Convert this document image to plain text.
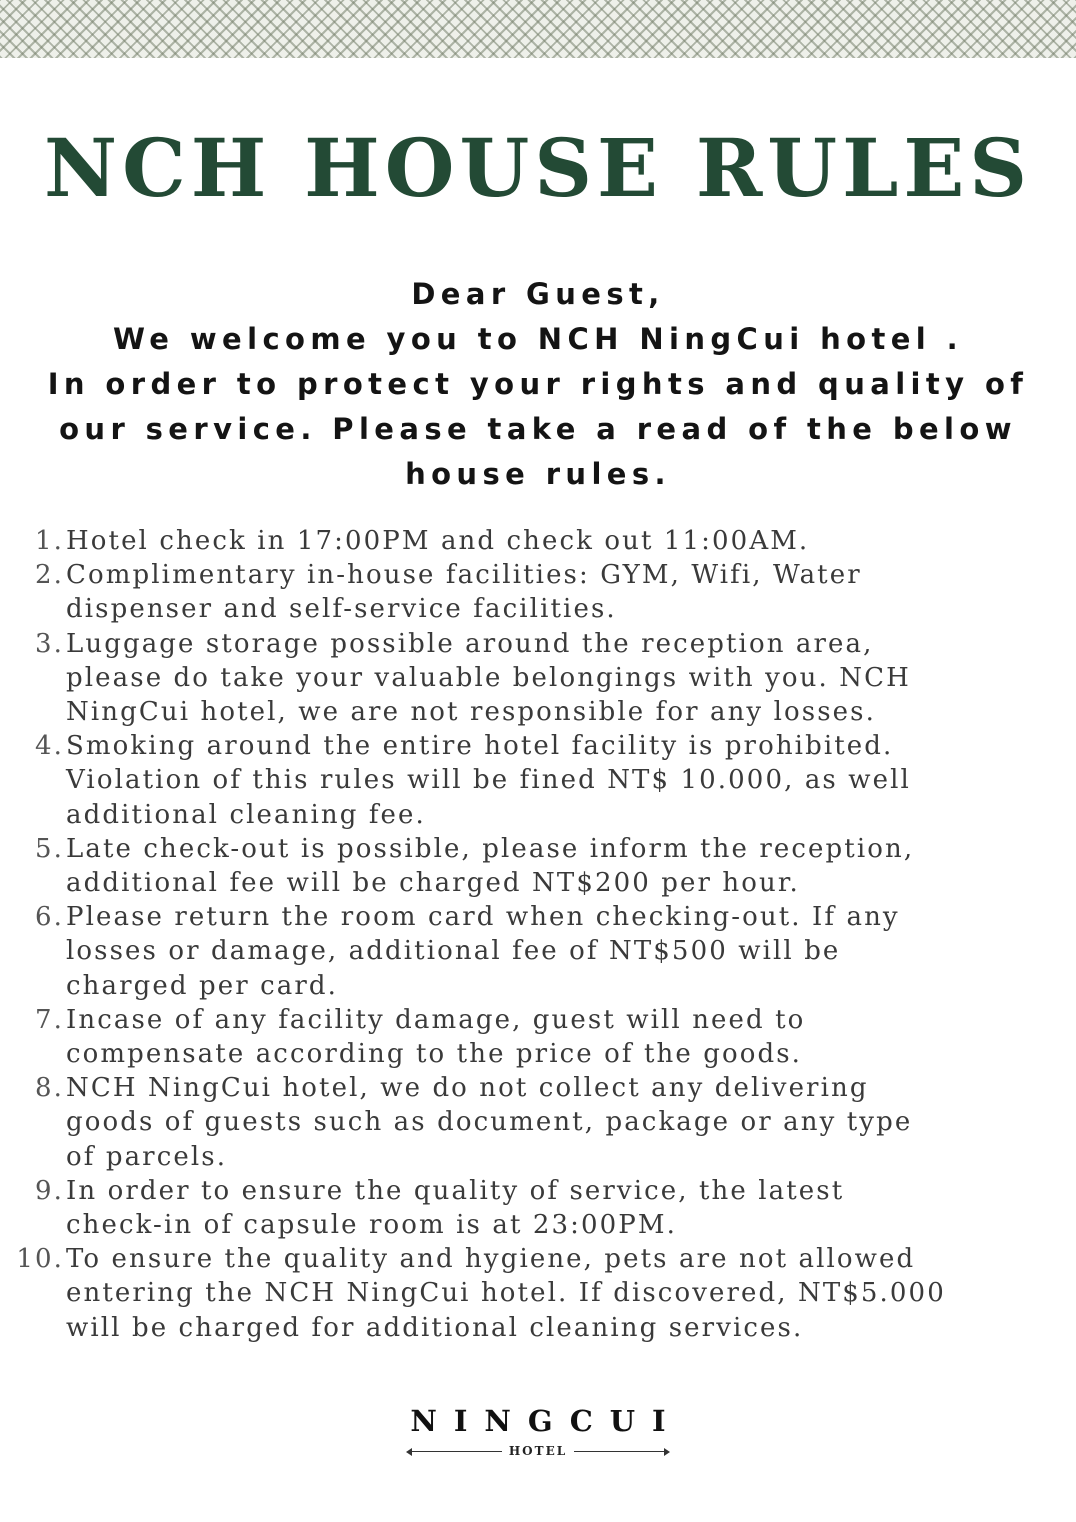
NCH HOUSE RULES
Dear Guest,
We welcome you to NCH NingCui hotel .
In order to protect your rights and quality of
our service. Please take a read of the below
house rules.
1. Hotel check in 17:00PM and check out 11:00AM.
2. Complimentary in-house facilities: GYM, Wifi, Water
dispenser and self-service facilities.
3. Luggage storage possible around the reception area,
please do take your valuable belongings with you. NCH
NingCui hotel, we are not responsible for any losses.
4. Smoking around the entire hotel facility is prohibited.
Violation of this rules will be fined NT$ 10.000, as well
additional cleaning fee.
5. Late check-out is possible, please inform the reception,
additional fee will be charged NT$200 per hour.
6. Please return the room card when checking-out. If any
losses or damage, additional fee of NT$500 will be
charged per card.
7. Incase of any facility damage, guest will need to
compensate according to the price of the goods.
8. NCH NingCui hotel, we do not collect any delivering
goods of guests such as document, package or any type
of parcels.
9. In order to ensure the quality of service, the latest
check-in of capsule room is at 23:00PM.
10. To ensure the quality and hygiene, pets are not allowed
entering the NCH NingCui hotel. If discovered, NT$5.000
will be charged for additional cleaning services.
NINGCUI
HOTEL
